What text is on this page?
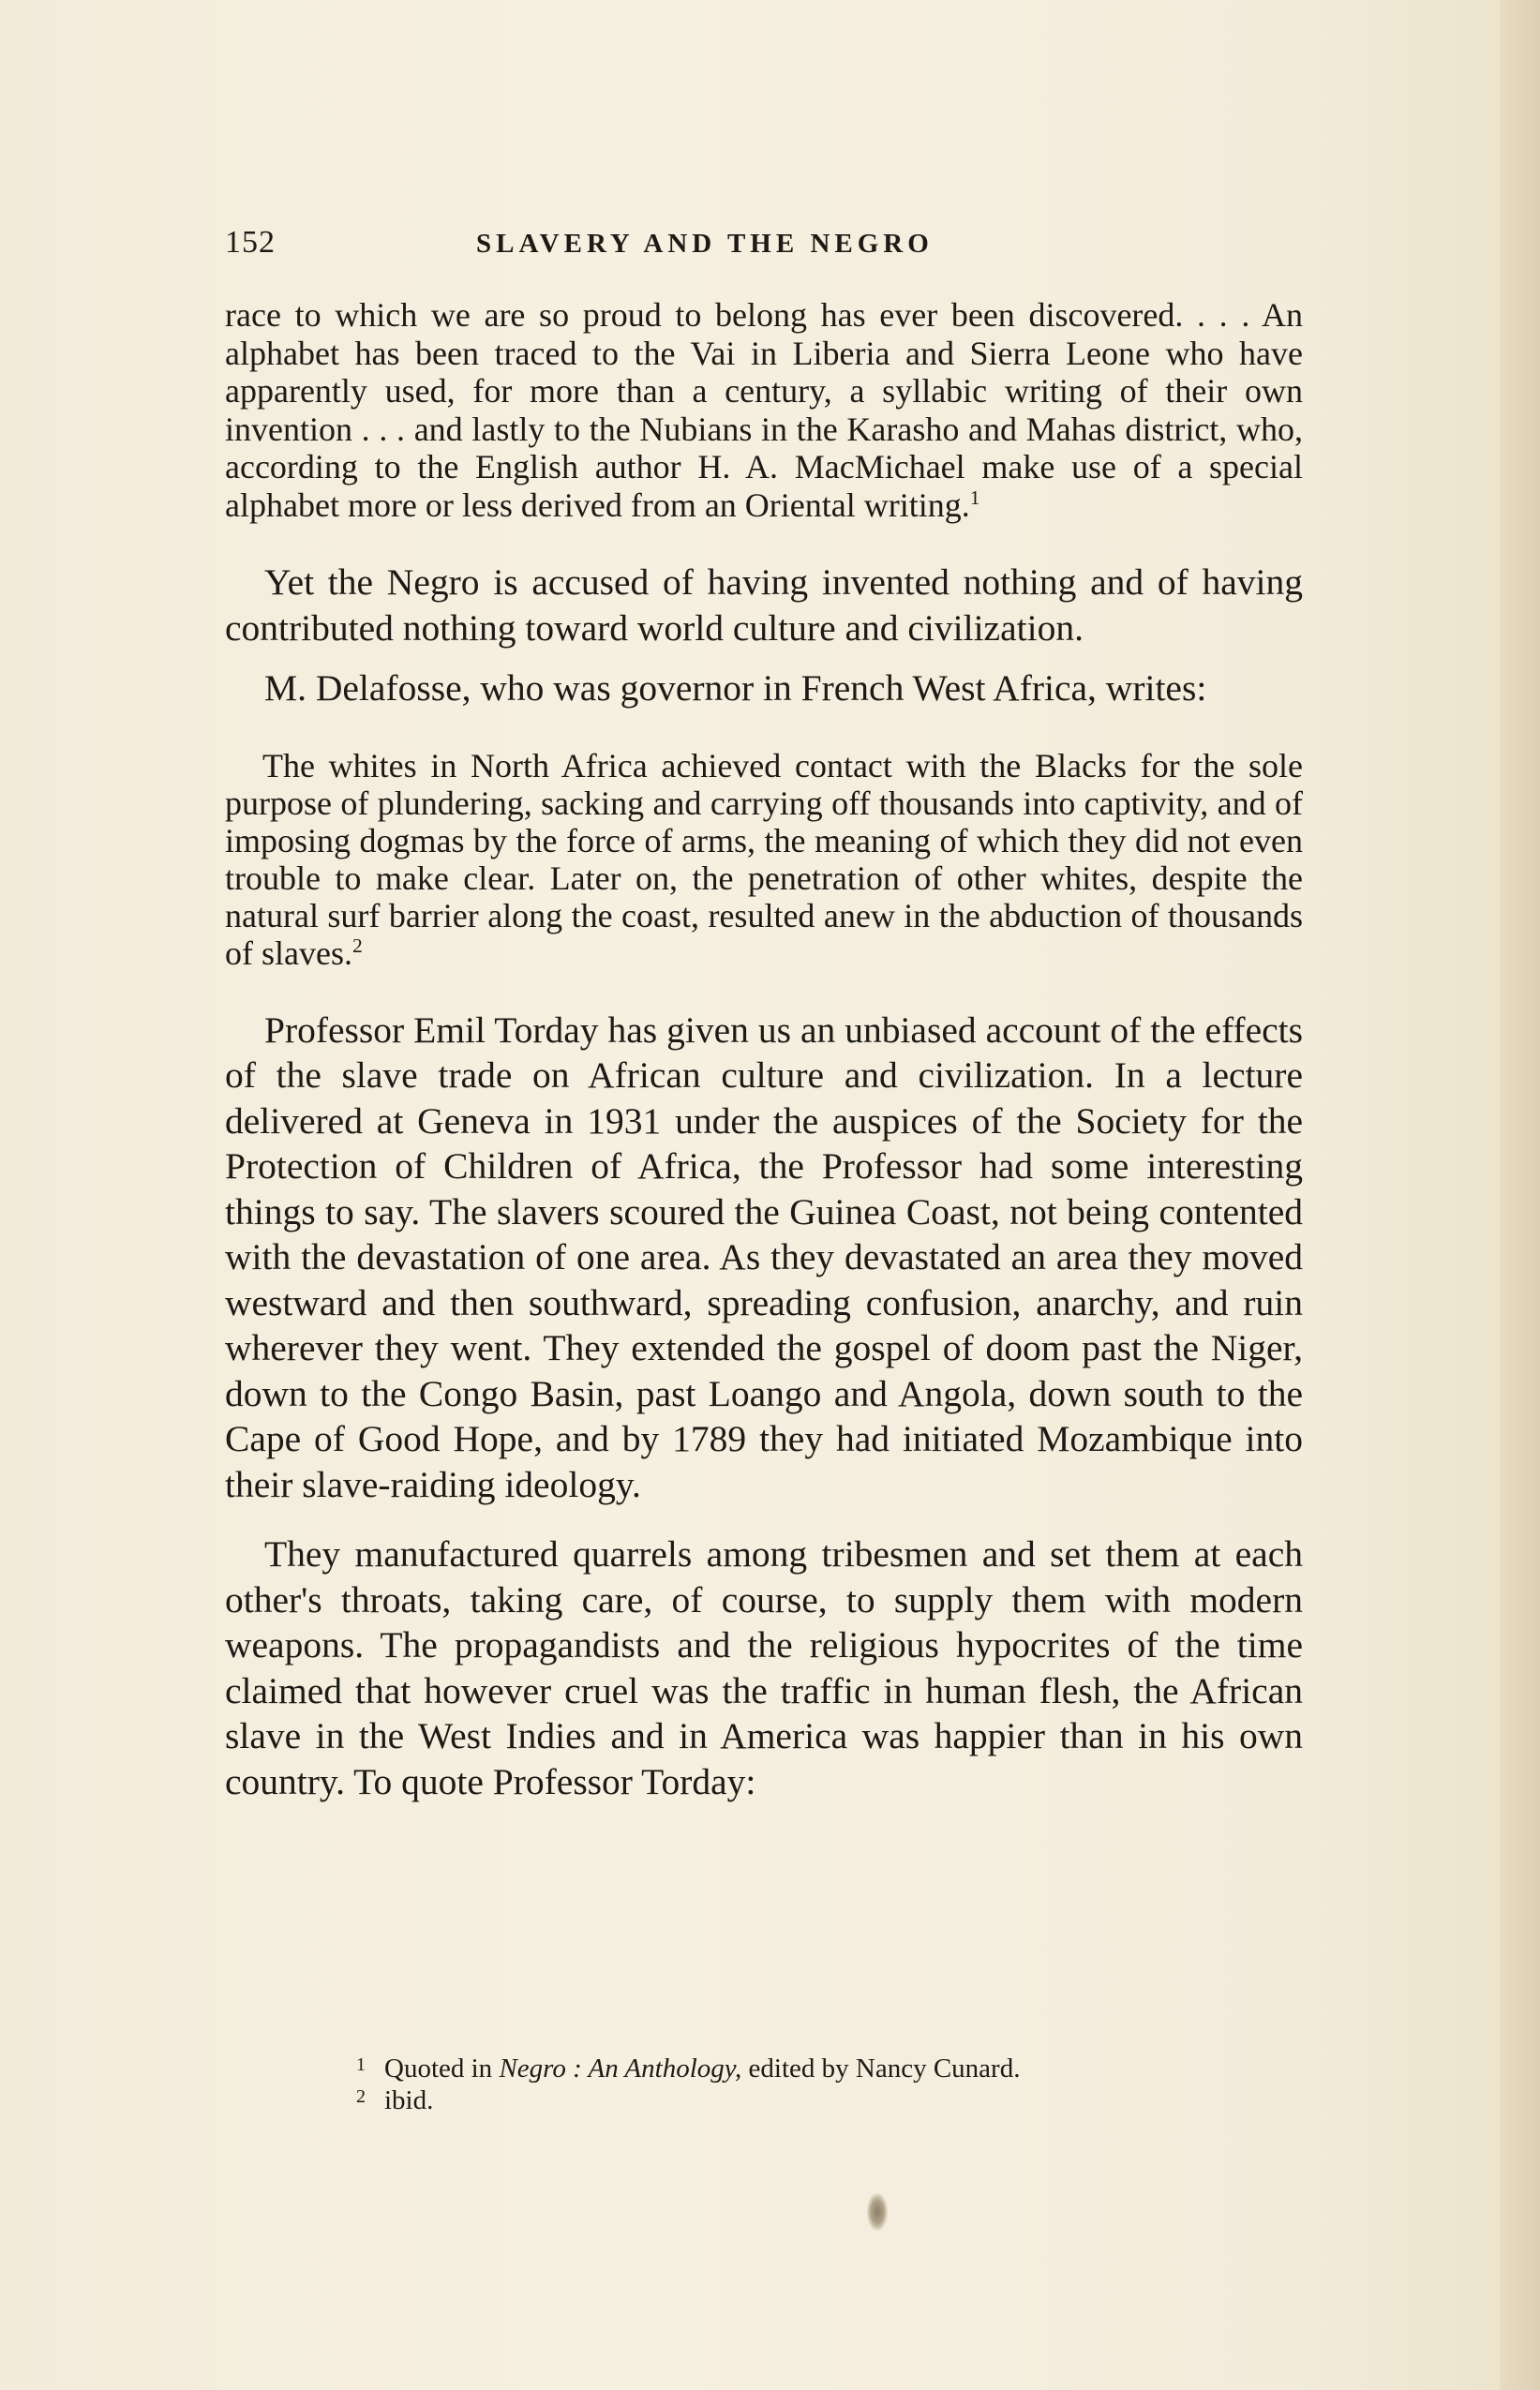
152	SLAVERY AND THE NEGRO

race to which we are so proud to belong has ever been discovered. . . . An alphabet has been traced to the Vai in Liberia and Sierra Leone who have apparently used, for more than a century, a syllabic writing of their own invention . . . and lastly to the Nubians in the Karasho and Mahas district, who, according to the English author H. A. MacMichael make use of a special alphabet more or less derived from an Oriental writing.$^1$

Yet the Negro is accused of having invented nothing and of having contributed nothing toward world culture and civilization.

M. Delafosse, who was governor in French West Africa, writes:

The whites in North Africa achieved contact with the Blacks for the sole purpose of plundering, sacking and carrying off thousands into captivity, and of imposing dogmas by the force of arms, the meaning of which they did not even trouble to make clear. Later on, the penetration of other whites, despite the natural surf barrier along the coast, resulted anew in the abduction of thousands of slaves.$^2$

Professor Emil Torday has given us an unbiased account of the effects of the slave trade on African culture and civilization. In a lecture delivered at Geneva in 1931 under the auspices of the Society for the Protection of Children of Africa, the Professor had some interesting things to say. The slavers scoured the Guinea Coast, not being contented with the devastation of one area. As they devastated an area they moved westward and then southward, spreading confusion, anarchy, and ruin wherever they went. They extended the gospel of doom past the Niger, down to the Congo Basin, past Loango and Angola, down south to the Cape of Good Hope, and by 1789 they had initiated Mozambique into their slave-raiding ideology.

They manufactured quarrels among tribesmen and set them at each other's throats, taking care, of course, to supply them with modern weapons. The propagandists and the religious hypocrites of the time claimed that however cruel was the traffic in human flesh, the African slave in the West Indies and in America was happier than in his own country. To quote Professor Torday:

1 Quoted in Negro : An Anthology, edited by Nancy Cunard.
2 ibid.
